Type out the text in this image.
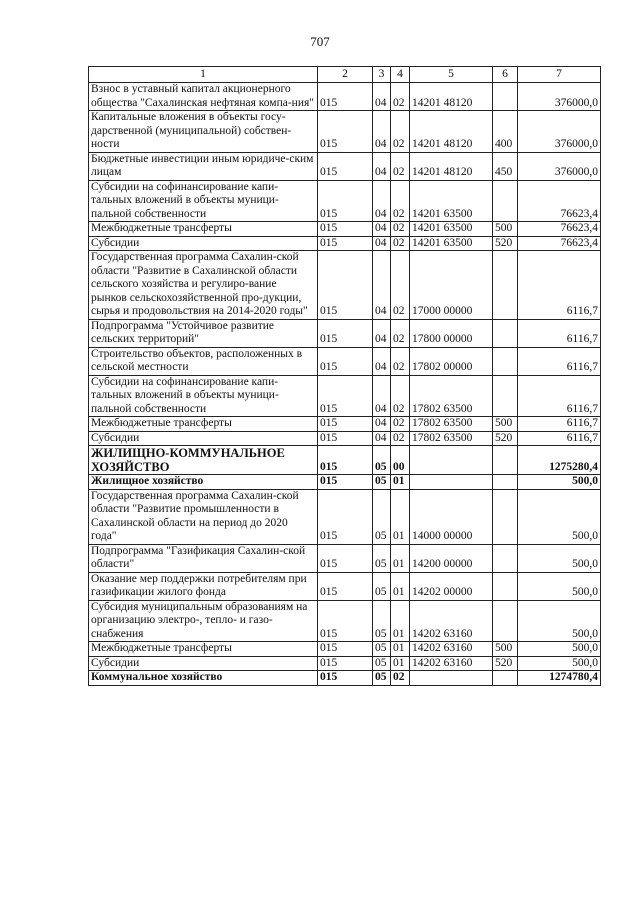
707
1	2	3	4	5	6	7
Взнос в уставный капитал акционерного общества "Сахалинская нефтяная компа-ния"	015	04	02	14201 48120		376000,0
Капитальные вложения в объекты госу-дарственной (муниципальной) собствен-ности	015	04	02	14201 48120	400	376000,0
Бюджетные инвестиции иным юридиче-ским лицам	015	04	02	14201 48120	450	376000,0
Субсидии на софинансирование капи-тальных вложений в объекты муници-пальной собственности	015	04	02	14201 63500		76623,4
Межбюджетные трансферты	015	04	02	14201 63500	500	76623,4
Субсидии	015	04	02	14201 63500	520	76623,4
Государственная программа Сахалин-ской области "Развитие в Сахалинской области сельского хозяйства и регулиро-вание рынков сельскохозяйственной про-дукции, сырья и продовольствия на 2014-2020 годы"	015	04	02	17000 00000		6116,7
Подпрограмма "Устойчивое развитие сельских территорий"	015	04	02	17800 00000		6116,7
Строительство объектов, расположенных в сельской местности	015	04	02	17802 00000		6116,7
Субсидии на софинансирование капи-тальных вложений в объекты муници-пальной собственности	015	04	02	17802 63500		6116,7
Межбюджетные трансферты	015	04	02	17802 63500	500	6116,7
Субсидии	015	04	02	17802 63500	520	6116,7
ЖИЛИЩНО-КОММУНАЛЬНОЕ ХОЗЯЙСТВО	015	05	00			1275280,4
Жилищное хозяйство	015	05	01			500,0
Государственная программа Сахалин-ской области "Развитие промышленности в Сахалинской области на период до 2020 года"	015	05	01	14000 00000		500,0
Подпрограмма "Газификация Сахалин-ской области"	015	05	01	14200 00000		500,0
Оказание мер поддержки потребителям при газификации жилого фонда	015	05	01	14202 00000		500,0
Субсидия муниципальным образованиям на организацию электро-, тепло- и газо-снабжения	015	05	01	14202 63160		500,0
Межбюджетные трансферты	015	05	01	14202 63160	500	500,0
Субсидии	015	05	01	14202 63160	520	500,0
Коммунальное хозяйство	015	05	02			1274780,4
